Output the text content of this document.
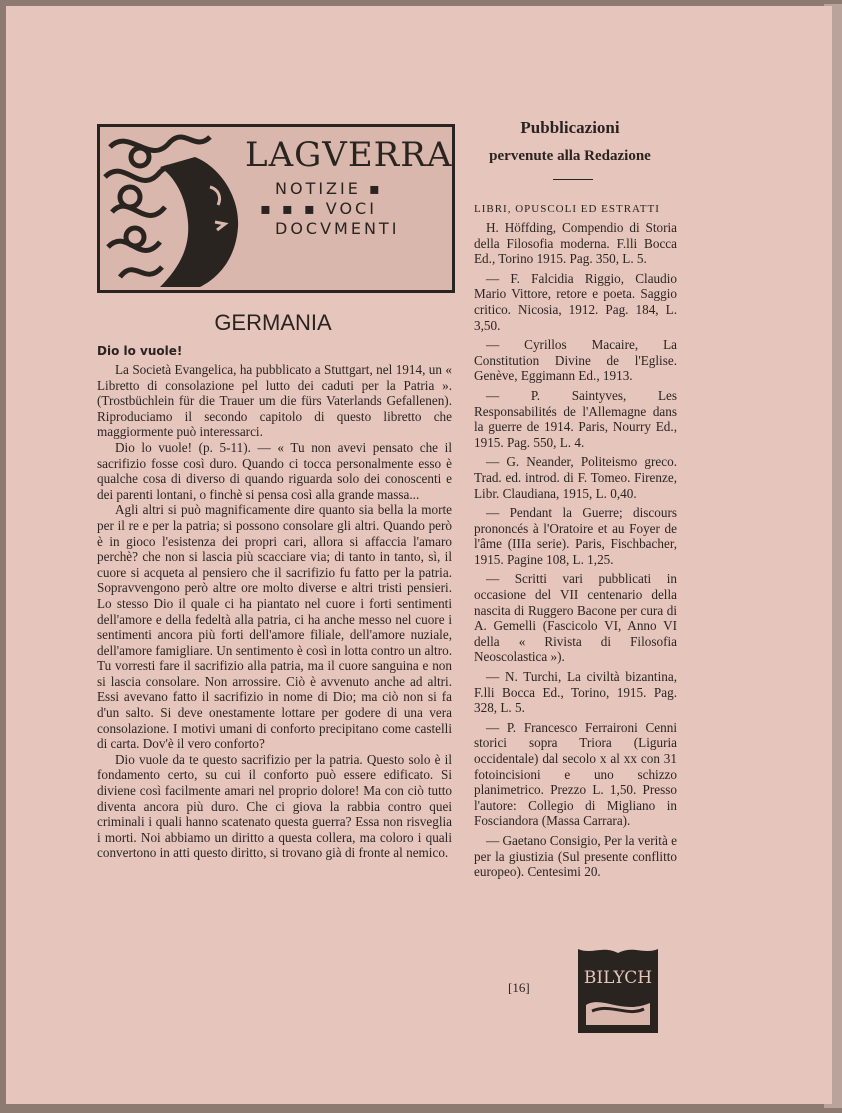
LAGVERRA
NOTIZIE ▪
▪ ▪ ▪ VOCI
DOCVMENTI
GERMANIA
Dio lo vuole!

La Società Evangelica, ha pubblicato a Stuttgart, nel 1914, un « Libretto di consolazione pel lutto dei caduti per la Patria ». (Trostbüchlein für die Trauer um die fürs Vaterlands Gefallenen). Riproduciamo il secondo capitolo di questo libretto che maggiormente può interessarci.

Dio lo vuole! (p. 5-11). — « Tu non avevi pensato che il sacrifizio fosse così duro. Quando ci tocca personalmente esso è qualche cosa di diverso di quando riguarda solo dei conoscenti e dei parenti lontani, o finchè si pensa così alla grande massa...

Agli altri si può magnificamente dire quanto sia bella la morte per il re e per la patria; si possono consolare gli altri. Quando però è in gioco l'esistenza dei propri cari, allora si affaccia l'amaro perchè? che non si lascia più scacciare via; di tanto in tanto, sì, il cuore si acqueta al pensiero che il sacrifizio fu fatto per la patria. Sopravvengono però altre ore molto diverse e altri tristi pensieri. Lo stesso Dio il quale ci ha piantato nel cuore i forti sentimenti dell'amore e della fedeltà alla patria, ci ha anche messo nel cuore i sentimenti ancora più forti dell'amore filiale, dell'amore nuziale, dell'amore famigliare. Un sentimento è così in lotta contro un altro. Tu vorresti fare il sacrifizio alla patria, ma il cuore sanguina e non si lascia consolare. Non arrossire. Ciò è avvenuto anche ad altri. Essi avevano fatto il sacrifizio in nome di Dio; ma ciò non si fa d'un salto. Si deve onestamente lottare per godere di una vera consolazione. I motivi umani di conforto precipitano come castelli di carta. Dov'è il vero conforto?

Dio vuole da te questo sacrifizio per la patria. Questo solo è il fondamento certo, su cui il conforto può essere edificato. Si diviene così facilmente amari nel proprio dolore! Ma con ciò tutto diventa ancora più duro. Che ci giova la rabbia contro quei criminali i quali hanno scatenato questa guerra? Essa non risveglia i morti. Noi abbiamo un diritto a questa collera, ma coloro i quali convertono in atti questo diritto, si trovano già di fronte al nemico.

Pubblicazioni
pervenute alla Redazione
LIBRI, OPUSCOLI ED ESTRATTI

H. Höffding, Compendio di Storia della Filosofia moderna. F.lli Bocca Ed., Torino 1915. Pag. 350, L. 5.

— F. Falcidia Riggio, Claudio Mario Vittore, retore e poeta. Saggio critico. Nicosia, 1912. Pag. 184, L. 3,50.

— Cyrillos Macaire, La Constitution Divine de l'Eglise. Genève, Eggimann Ed., 1913.

— P. Saintyves, Les Responsabilités de l'Allemagne dans la guerre de 1914. Paris, Nourry Ed., 1915. Pag. 550, L. 4.

— G. Neander, Politeismo greco. Trad. ed. introd. di F. Tomeo. Firenze, Libr. Claudiana, 1915, L. 0,40.

— Pendant la Guerre; discours prononcés à l'Oratoire et au Foyer de l'âme (IIIa serie). Paris, Fischbacher, 1915. Pagine 108, L. 1,25.

— Scritti vari pubblicati in occasione del VII centenario della nascita di Ruggero Bacone per cura di A. Gemelli (Fascicolo VI, Anno VI della « Rivista di Filosofia Neoscolastica »).

— N. Turchi, La civiltà bizantina, F.lli Bocca Ed., Torino, 1915. Pag. 328, L. 5.

— P. Francesco Ferraironi Cenni storici sopra Triora (Liguria occidentale) dal secolo x al xx con 31 fotoincisioni e uno schizzo planimetrico. Prezzo L. 1,50. Presso l'autore: Collegio di Migliano in Fosciandora (Massa Carrara).

— Gaetano Consigio, Per la verità e per la giustizia (Sul presente conflitto europeo). Centesimi 20.

[16]	BILYCH
